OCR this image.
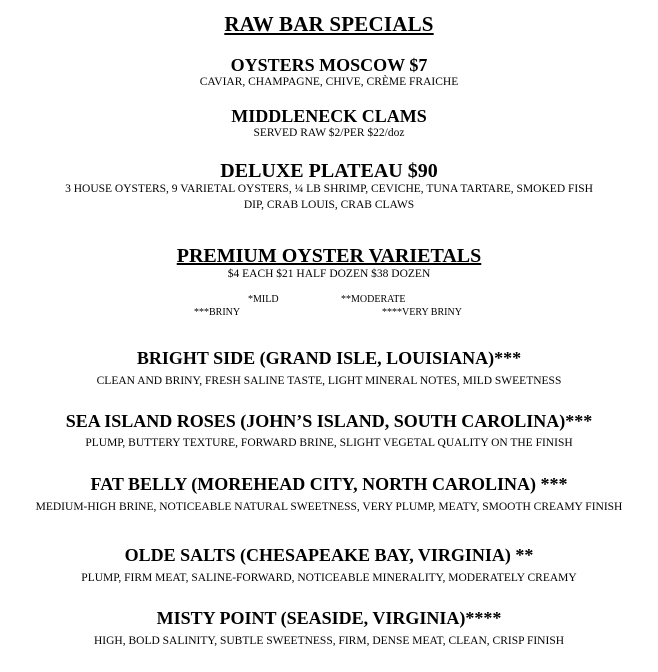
RAW BAR SPECIALS
OYSTERS MOSCOW $7
CAVIAR, CHAMPAGNE, CHIVE, CRÈME FRAICHE
MIDDLENECK CLAMS
SERVED RAW $2/PER $22/doz
DELUXE PLATEAU $90
3 HOUSE OYSTERS, 9 VARIETAL OYSTERS, ¼ LB SHRIMP, CEVICHE, TUNA TARTARE, SMOKED FISH
DIP, CRAB LOUIS, CRAB CLAWS
PREMIUM OYSTER VARIETALS
$4 EACH $21 HALF DOZEN $38 DOZEN
*MILD	**MODERATE
***BRINY	****VERY BRINY
BRIGHT SIDE (GRAND ISLE, LOUISIANA)***
CLEAN AND BRINY, FRESH SALINE TASTE, LIGHT MINERAL NOTES, MILD SWEETNESS
SEA ISLAND ROSES (JOHN’S ISLAND, SOUTH CAROLINA)***
PLUMP, BUTTERY TEXTURE, FORWARD BRINE, SLIGHT VEGETAL QUALITY ON THE FINISH
FAT BELLY (MOREHEAD CITY, NORTH CAROLINA) ***
MEDIUM-HIGH BRINE, NOTICEABLE NATURAL SWEETNESS, VERY PLUMP, MEATY, SMOOTH CREAMY FINISH
OLDE SALTS (CHESAPEAKE BAY, VIRGINIA) **
PLUMP, FIRM MEAT, SALINE-FORWARD, NOTICEABLE MINERALITY, MODERATELY CREAMY
MISTY POINT (SEASIDE, VIRGINIA)****
HIGH, BOLD SALINITY, SUBTLE SWEETNESS, FIRM, DENSE MEAT, CLEAN, CRISP FINISH
